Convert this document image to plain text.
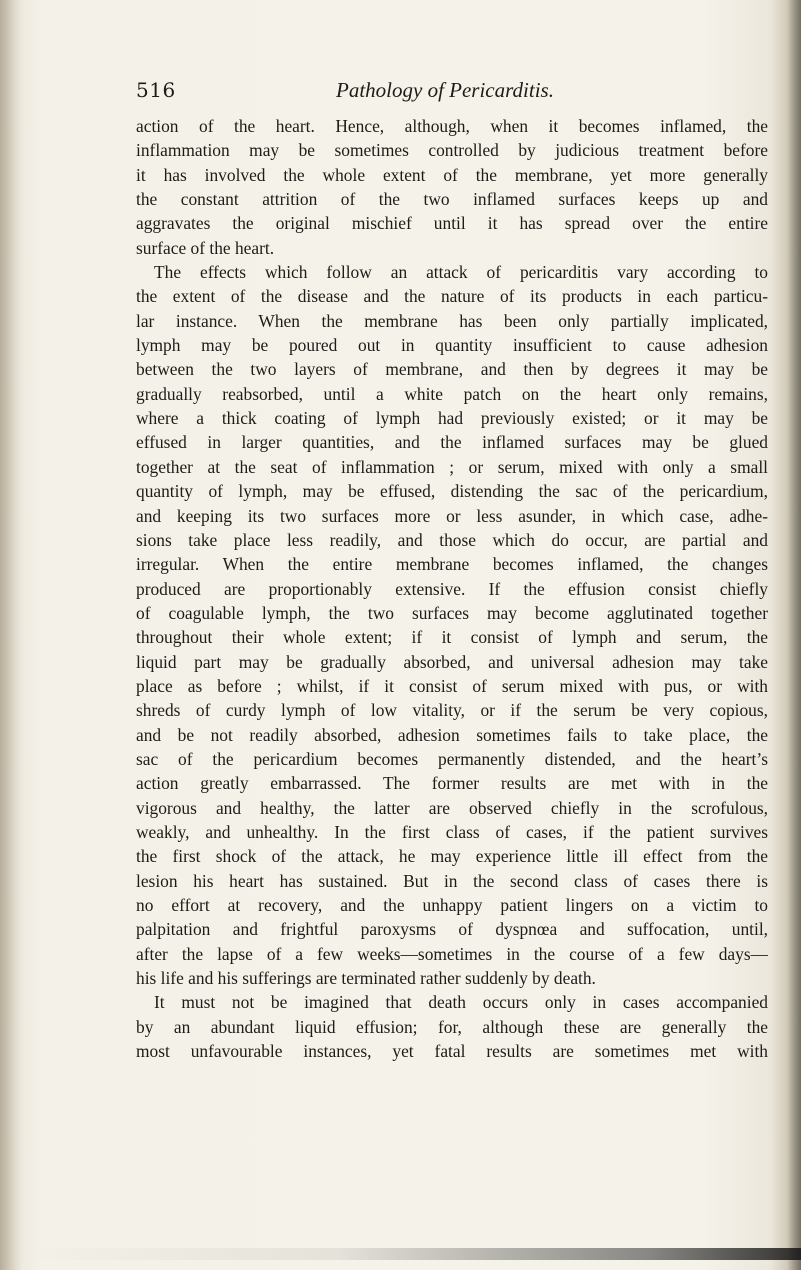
516	Pathology of Pericarditis.
action of the heart. Hence, although, when it becomes inflamed, the
inflammation may be sometimes controlled by judicious treatment before
it has involved the whole extent of the membrane, yet more generally
the constant attrition of the two inflamed surfaces keeps up and
aggravates the original mischief until it has spread over the entire
surface of the heart.
The effects which follow an attack of pericarditis vary according to
the extent of the disease and the nature of its products in each particu-
lar instance. When the membrane has been only partially implicated,
lymph may be poured out in quantity insufficient to cause adhesion
between the two layers of membrane, and then by degrees it may be
gradually reabsorbed, until a white patch on the heart only remains,
where a thick coating of lymph had previously existed; or it may be
effused in larger quantities, and the inflamed surfaces may be glued
together at the seat of inflammation ; or serum, mixed with only a small
quantity of lymph, may be effused, distending the sac of the pericardium,
and keeping its two surfaces more or less asunder, in which case, adhe-
sions take place less readily, and those which do occur, are partial and
irregular. When the entire membrane becomes inflamed, the changes
produced are proportionably extensive. If the effusion consist chiefly
of coagulable lymph, the two surfaces may become agglutinated together
throughout their whole extent; if it consist of lymph and serum, the
liquid part may be gradually absorbed, and universal adhesion may take
place as before ; whilst, if it consist of serum mixed with pus, or with
shreds of curdy lymph of low vitality, or if the serum be very copious,
and be not readily absorbed, adhesion sometimes fails to take place, the
sac of the pericardium becomes permanently distended, and the heart’s
action greatly embarrassed. The former results are met with in the
vigorous and healthy, the latter are observed chiefly in the scrofulous,
weakly, and unhealthy. In the first class of cases, if the patient survives
the first shock of the attack, he may experience little ill effect from the
lesion his heart has sustained. But in the second class of cases there is
no effort at recovery, and the unhappy patient lingers on a victim to
palpitation and frightful paroxysms of dyspnœa and suffocation, until,
after the lapse of a few weeks—sometimes in the course of a few days—
his life and his sufferings are terminated rather suddenly by death.
It must not be imagined that death occurs only in cases accompanied
by an abundant liquid effusion; for, although these are generally the
most unfavourable instances, yet fatal results are sometimes met with
